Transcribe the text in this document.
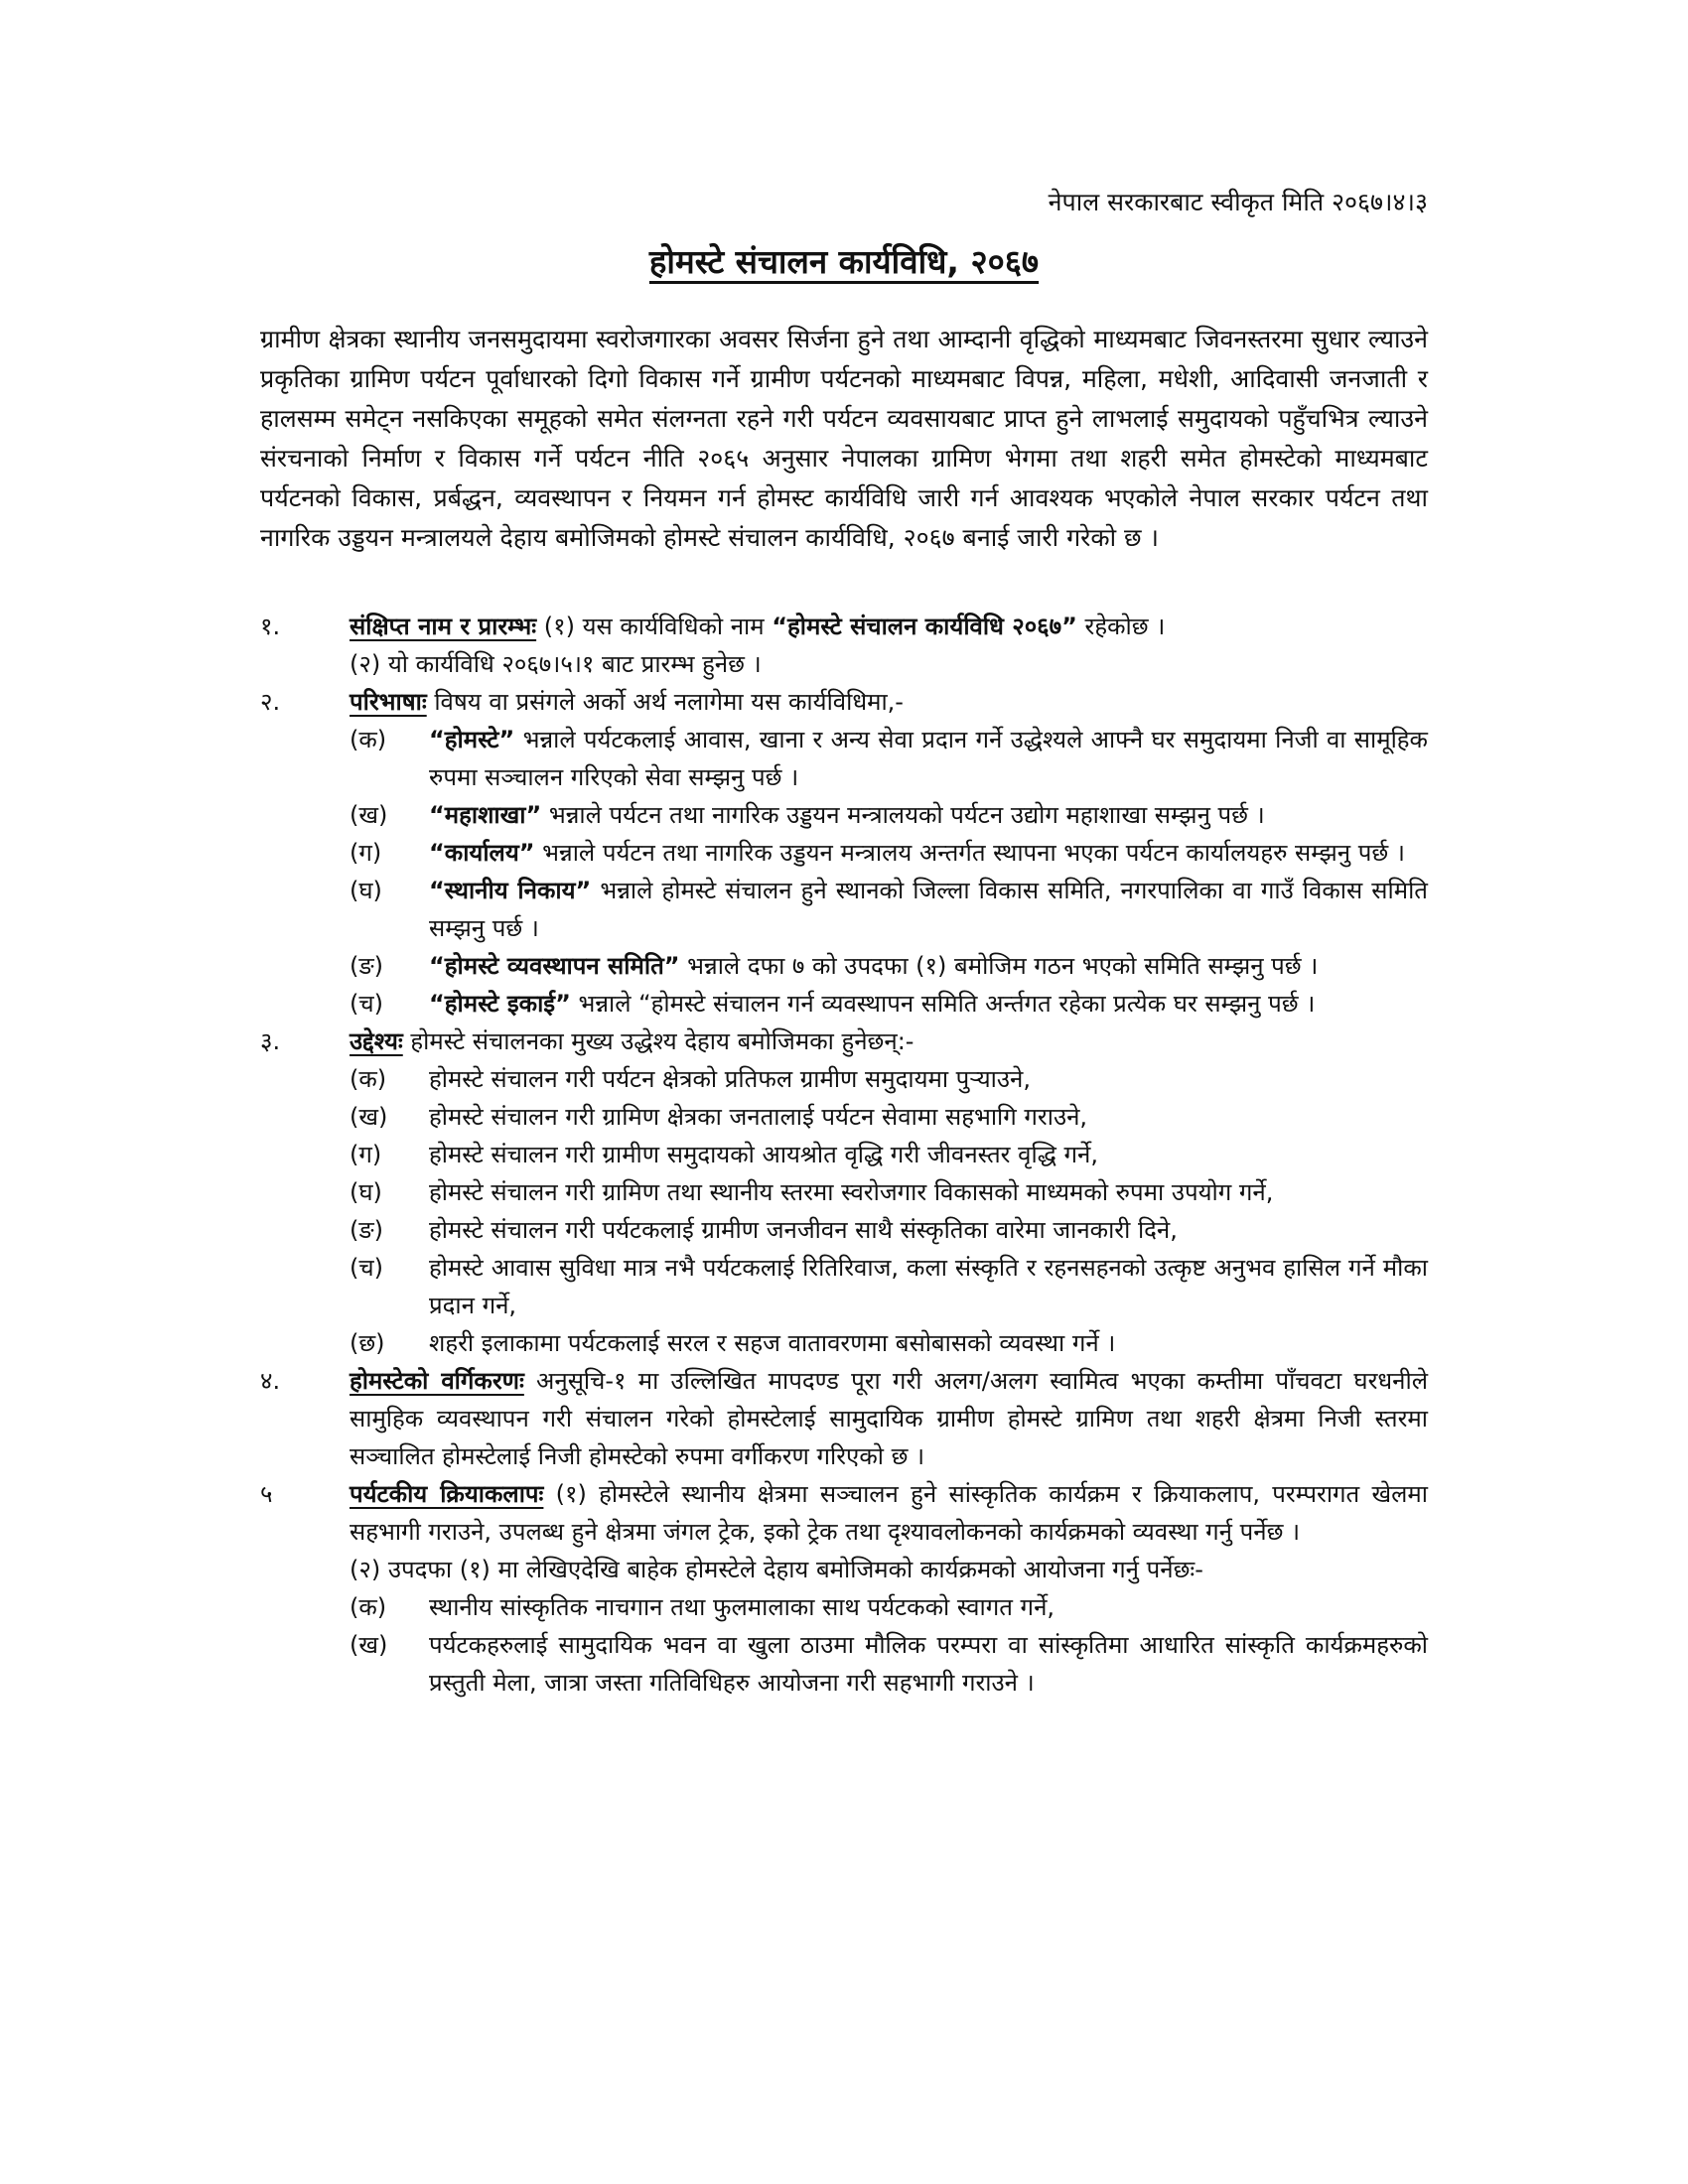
नेपाल सरकारबाट स्वीकृत मिति २०६७।४।३
होमस्टे संचालन कार्यविधि, २०६७
ग्रामीण क्षेत्रका स्थानीय जनसमुदायमा स्वरोजगारका अवसर सिर्जना हुने तथा आम्दानी वृद्धिको माध्यमबाट जिवनस्तरमा सुधार ल्याउने प्रकृतिका ग्रामिण पर्यटन पूर्वाधारको दिगो विकास गर्ने ग्रामीण पर्यटनको माध्यमबाट विपन्न, महिला, मधेशी, आदिवासी जनजाती र हालसम्म समेट्न नसकिएका समूहको समेत संलग्नता रहने गरी पर्यटन व्यवसायबाट प्राप्त हुने लाभलाई समुदायको पहुँचभित्र ल्याउने संरचनाको निर्माण र विकास गर्ने पर्यटन नीति २०६५ अनुसार नेपालका ग्रामिण भेगमा तथा शहरी समेत होमस्टेको माध्यमबाट पर्यटनको विकास, प्रर्बद्धन, व्यवस्थापन र नियमन गर्न होमस्ट कार्यविधि जारी गर्न आवश्यक भएकोले नेपाल सरकार पर्यटन तथा नागरिक उड्डयन मन्त्रालयले देहाय बमोजिमको होमस्टे संचालन कार्यविधि, २०६७ बनाई जारी गरेको छ ।
१.	संक्षिप्त नाम र प्रारम्भः (१) यस कार्यविधिको नाम “होमस्टे संचालन कार्यविधि २०६७” रहेकोछ ।
(२) यो कार्यविधि २०६७।५।१ बाट प्रारम्भ हुनेछ ।
२.	परिभाषाः विषय वा प्रसंगले अर्को अर्थ नलागेमा यस कार्यविधिमा,-
(क) “होमस्टे” भन्नाले पर्यटकलाई आवास, खाना र अन्य सेवा प्रदान गर्ने उद्धेश्यले आफ्नै घर समुदायमा निजी वा सामूहिक रुपमा सञ्चालन गरिएको सेवा सम्झनु पर्छ ।
(ख) “महाशाखा” भन्नाले पर्यटन तथा नागरिक उड्डयन मन्त्रालयको पर्यटन उद्योग महाशाखा सम्झनु पर्छ ।
(ग) “कार्यालय” भन्नाले पर्यटन तथा नागरिक उड्डयन मन्त्रालय अन्तर्गत स्थापना भएका पर्यटन कार्यालयहरु सम्झनु पर्छ ।
(घ) “स्थानीय निकाय” भन्नाले होमस्टे संचालन हुने स्थानको जिल्ला विकास समिति, नगरपालिका वा गाउँ विकास समिति सम्झनु पर्छ ।
(ङ) “होमस्टे व्यवस्थापन समिति” भन्नाले दफा ७ को उपदफा (१) बमोजिम गठन भएको समिति सम्झनु पर्छ ।
(च) “होमस्टे इकाई” भन्नाले “होमस्टे संचालन गर्न व्यवस्थापन समिति अर्न्तगत रहेका प्रत्येक घर सम्झनु पर्छ ।
३.	उद्देश्यः होमस्टे संचालनका मुख्य उद्धेश्य देहाय बमोजिमका हुनेछन्:-
(क) होमस्टे संचालन गरी पर्यटन क्षेत्रको प्रतिफल ग्रामीण समुदायमा पुऱ्याउने,
(ख) होमस्टे संचालन गरी ग्रामिण क्षेत्रका जनतालाई पर्यटन सेवामा सहभागि गराउने,
(ग) होमस्टे संचालन गरी ग्रामीण समुदायको आयश्रोत वृद्धि गरी जीवनस्तर वृद्धि गर्ने,
(घ) होमस्टे संचालन गरी ग्रामिण तथा स्थानीय स्तरमा स्वरोजगार विकासको माध्यमको रुपमा उपयोग गर्ने,
(ङ) होमस्टे संचालन गरी पर्यटकलाई ग्रामीण जनजीवन साथै संस्कृतिका वारेमा जानकारी दिने,
(च) होमस्टे आवास सुविधा मात्र नभै पर्यटकलाई रितिरिवाज, कला संस्कृति र रहनसहनको उत्कृष्ट अनुभव हासिल गर्ने मौका प्रदान गर्ने,
(छ) शहरी इलाकामा पर्यटकलाई सरल र सहज वातावरणमा बसोबासको व्यवस्था गर्ने ।
४.	होमस्टेको वर्गिकरणः अनुसूचि-१ मा उल्लिखित मापदण्ड पूरा गरी अलग/अलग स्वामित्व भएका कम्तीमा पाँचवटा घरधनीले सामुहिक व्यवस्थापन गरी संचालन गरेको होमस्टेलाई सामुदायिक ग्रामीण होमस्टे ग्रामिण तथा शहरी क्षेत्रमा निजी स्तरमा सञ्चालित होमस्टेलाई निजी होमस्टेको रुपमा वर्गीकरण गरिएको छ ।
५	पर्यटकीय क्रियाकलापः (१) होमस्टेले स्थानीय क्षेत्रमा सञ्चालन हुने सांस्कृतिक कार्यक्रम र क्रियाकलाप, परम्परागत खेलमा सहभागी गराउने, उपलब्ध हुने क्षेत्रमा जंगल ट्रेक, इको ट्रेक तथा दृश्यावलोकनको कार्यक्रमको व्यवस्था गर्नु पर्नेछ ।
(२) उपदफा (१) मा लेखिएदेखि बाहेक होमस्टेले देहाय बमोजिमको कार्यक्रमको आयोजना गर्नु पर्नेछः-
(क) स्थानीय सांस्कृतिक नाचगान तथा फुलमालाका साथ पर्यटकको स्वागत गर्ने,
(ख) पर्यटकहरुलाई सामुदायिक भवन वा खुला ठाउमा मौलिक परम्परा वा सांस्कृतिमा आधारित सांस्कृति कार्यक्रमहरुको प्रस्तुती मेला, जात्रा जस्ता गतिविधिहरु आयोजना गरी सहभागी गराउने ।
